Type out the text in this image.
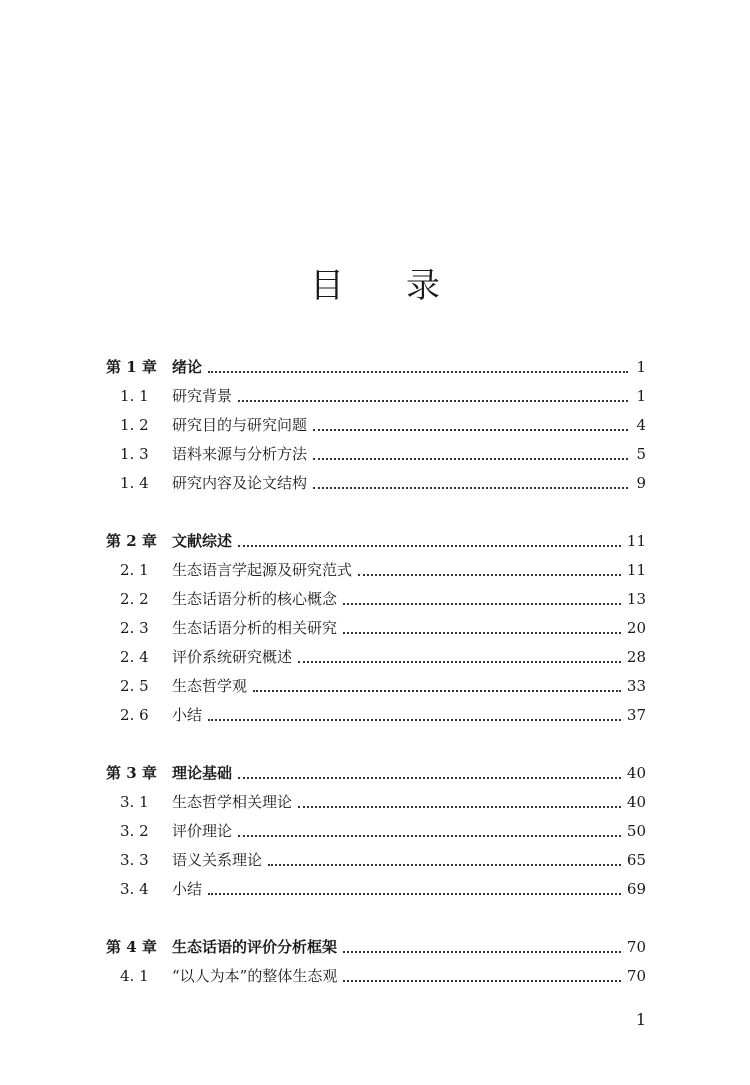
目录
第 1 章	绪论	1
1. 1	研究背景	1
1. 2	研究目的与研究问题	4
1. 3	语料来源与分析方法	5
1. 4	研究内容及论文结构	9
第 2 章	文献综述	11
2. 1	生态语言学起源及研究范式	11
2. 2	生态话语分析的核心概念	13
2. 3	生态话语分析的相关研究	20
2. 4	评价系统研究概述	28
2. 5	生态哲学观	33
2. 6	小结	37
第 3 章	理论基础	40
3. 1	生态哲学相关理论	40
3. 2	评价理论	50
3. 3	语义关系理论	65
3. 4	小结	69
第 4 章	生态话语的评价分析框架	70
4. 1	“以人为本”的整体生态观	70
1
